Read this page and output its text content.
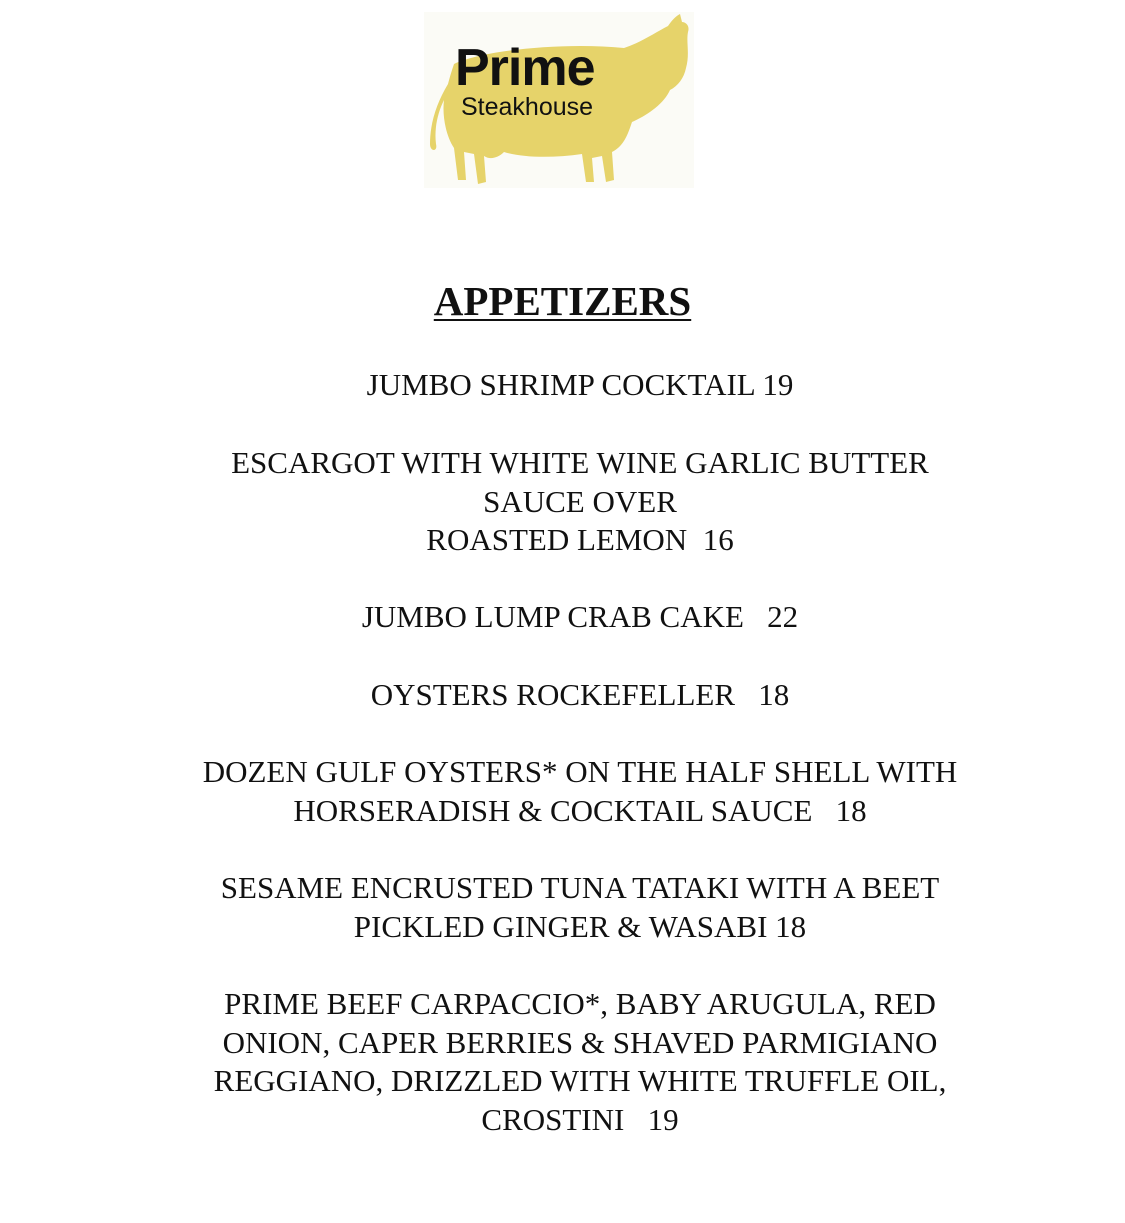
Prime
Steakhouse
APPETIZERS
JUMBO SHRIMP COCKTAIL 19
ESCARGOT WITH WHITE WINE GARLIC BUTTER
SAUCE OVER
ROASTED LEMON  16
JUMBO LUMP CRAB CAKE   22
OYSTERS ROCKEFELLER   18
DOZEN GULF OYSTERS* ON THE HALF SHELL WITH
HORSERADISH & COCKTAIL SAUCE   18
SESAME ENCRUSTED TUNA TATAKI WITH A BEET
PICKLED GINGER & WASABI 18
PRIME BEEF CARPACCIO*, BABY ARUGULA, RED
ONION, CAPER BERRIES & SHAVED PARMIGIANO
REGGIANO, DRIZZLED WITH WHITE TRUFFLE OIL,
CROSTINI   19
